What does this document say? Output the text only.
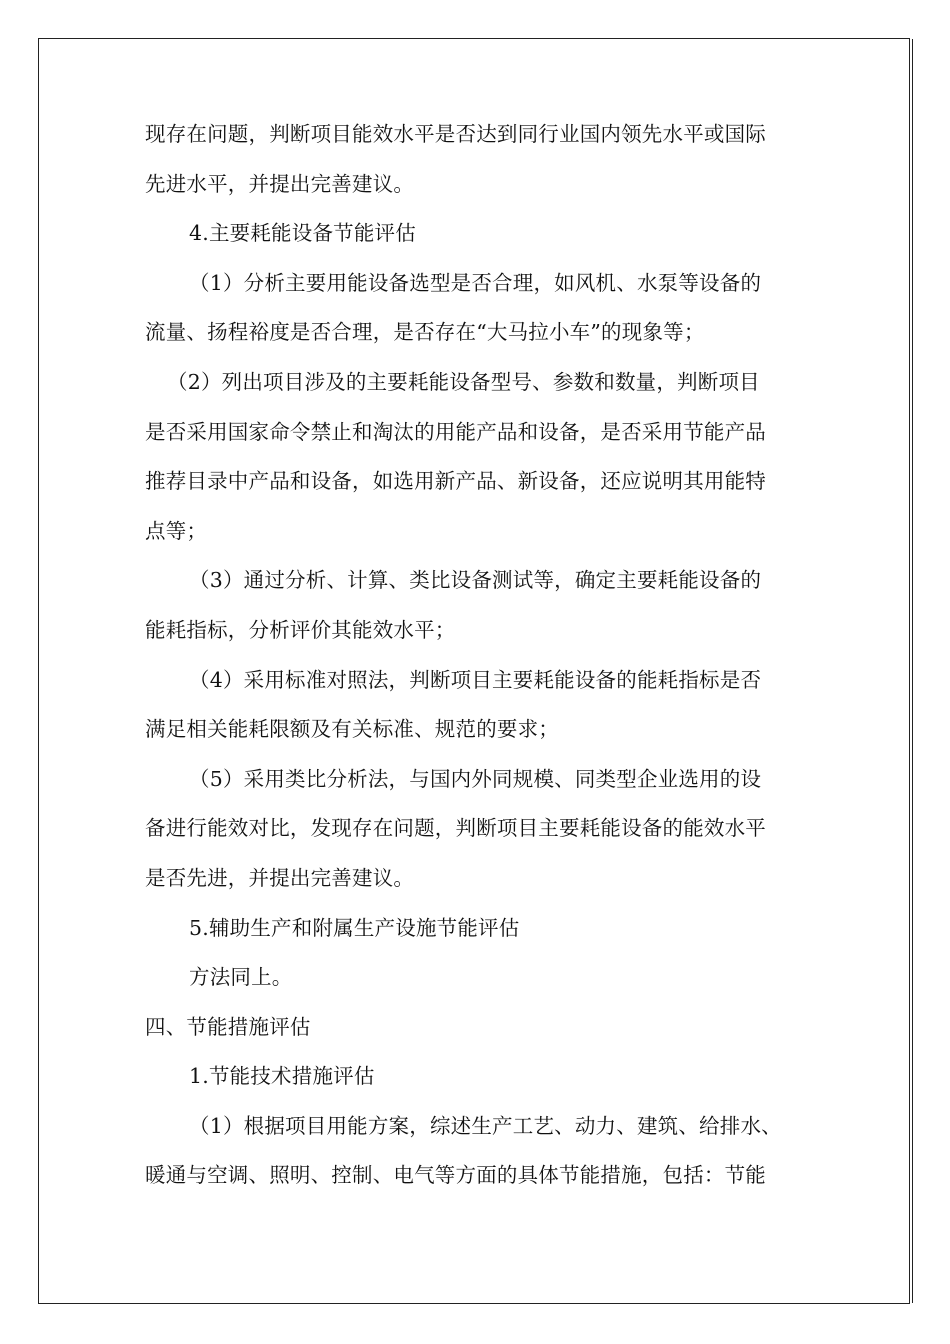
现存在问题，判断项目能效水平是否达到同行业国内领先水平或国际
先进水平，并提出完善建议。
4.主要耗能设备节能评估
（1）分析主要用能设备选型是否合理，如风机、水泵等设备的
流量、扬程裕度是否合理，是否存在“大马拉小车”的现象等；
（2）列出项目涉及的主要耗能设备型号、参数和数量，判断项目
是否采用国家命令禁止和淘汰的用能产品和设备，是否采用节能产品
推荐目录中产品和设备，如选用新产品、新设备，还应说明其用能特
点等；
（3）通过分析、计算、类比设备测试等，确定主要耗能设备的
能耗指标，分析评价其能效水平；
（4）采用标准对照法，判断项目主要耗能设备的能耗指标是否
满足相关能耗限额及有关标准、规范的要求；
（5）采用类比分析法，与国内外同规模、同类型企业选用的设
备进行能效对比，发现存在问题，判断项目主要耗能设备的能效水平
是否先进，并提出完善建议。
5.辅助生产和附属生产设施节能评估
方法同上。
四、节能措施评估
1.节能技术措施评估
（1）根据项目用能方案，综述生产工艺、动力、建筑、给排水、
暖通与空调、照明、控制、电气等方面的具体节能措施，包括：节能
